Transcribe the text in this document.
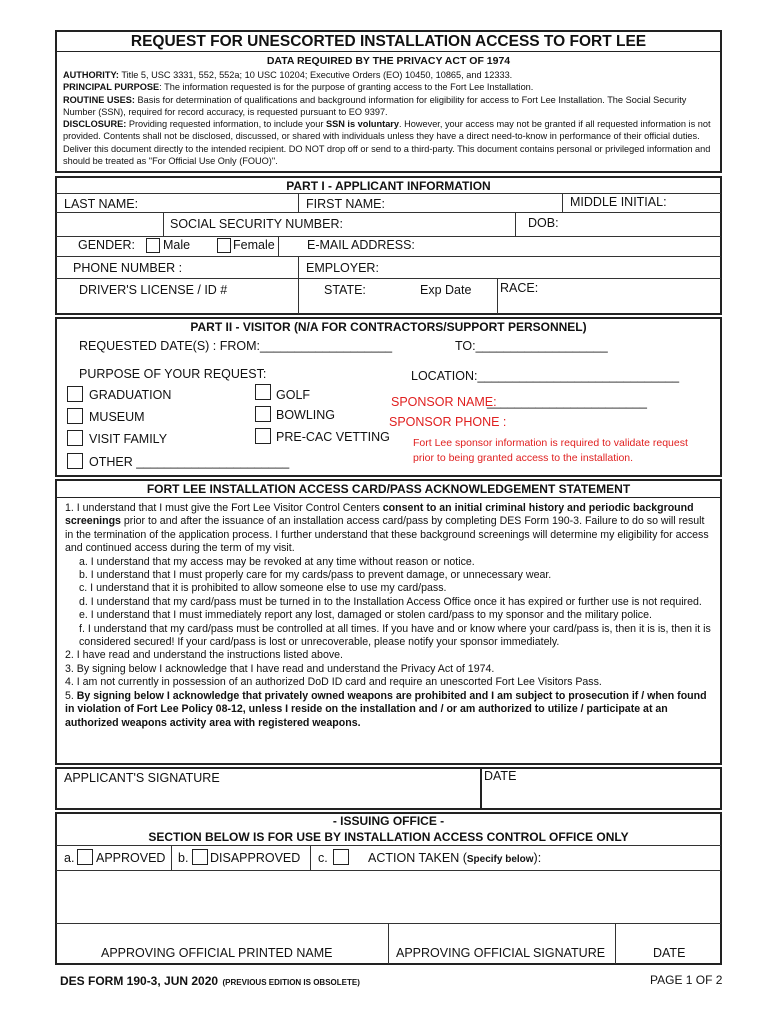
REQUEST FOR UNESCORTED INSTALLATION ACCESS TO FORT LEE
DATA REQUIRED BY THE PRIVACY ACT OF 1974
AUTHORITY: Title 5, USC 3331, 552, 552a; 10 USC 10204; Executive Orders (EO) 10450, 10865, and 12333.
PRINCIPAL PURPOSE: The information requested is for the purpose of granting access to the Fort Lee Installation.
ROUTINE USES: Basis for determination of qualifications and background information for eligibility for access to Fort Lee Installation. The Social Security Number (SSN), required for record accuracy, is requested pursuant to EO 9397.
DISCLOSURE: Providing requested information, to include your SSN is voluntary. However, your access may not be granted if all requested information is not provided. Contents shall not be disclosed, discussed, or shared with individuals unless they have a direct need-to-know in performance of their official duties. Deliver this document directly to the intended recipient. DO NOT drop off or send to a third-party. This document contains personal or privileged information and should be treated as "For Official Use Only (FOUO)".
PART I - APPLICANT INFORMATION
LAST NAME:	FIRST NAME:	MIDDLE INITIAL:
SOCIAL SECURITY NUMBER:	DOB:
GENDER: Male	Female	E-MAIL ADDRESS:
PHONE NUMBER :	EMPLOYER:
DRIVER'S LICENSE / ID #	STATE:	Exp Date RACE:
PART II - VISITOR (N/A FOR CONTRACTORS/SUPPORT PERSONNEL)
REQUESTED DATE(S) : FROM:___________________	TO:___________________
PURPOSE OF YOUR REQUEST:	LOCATION:_____________________________
GRADUATION	GOLF	SPONSOR NAME:
_______________________
MUSEUM	BOWLING	SPONSOR PHONE :
VISIT FAMILY	PRE-CAC VETTING Fort Lee sponsor information is required to validate request
prior to being granted access to the installation.
OTHER ______________________
FORT LEE INSTALLATION ACCESS CARD/PASS ACKNOWLEDGEMENT STATEMENT

1. I understand that I must give the Fort Lee Visitor Control Centers consent to an initial criminal history and periodic background screenings prior to and after the issuance of an installation access card/pass by completing DES Form 190-3. Failure to do so will result in the termination of the application process. I further understand that these background screenings will determine my eligibility for access and continued access during the term of my visit.

a. I understand that my access may be revoked at any time without reason or notice.

b. I understand that I must properly care for my cards/pass to prevent damage, or unnecessary wear.

c. I understand that it is prohibited to allow someone else to use my card/pass.

d. I understand that my card/pass must be turned in to the Installation Access Office once it has expired or further use is not required.

e. I understand that I must immediately report any lost, damaged or stolen card/pass to my sponsor and the military police.

f. I understand that my card/pass must be controlled at all times. If you have and or know where your card/pass is, then it is is, then it is considered secured! If your card/pass is lost or unrecoverable, please notify your sponsor immediately.

2. I have read and understand the instructions listed above.

3. By signing below I acknowledge that I have read and understand the Privacy Act of 1974.

4. I am not currently in possession of an authorized DoD ID card and require an unescorted Fort Lee Visitors Pass.

5. By signing below I acknowledge that privately owned weapons are prohibited and I am subject to prosecution if / when found in violation of Fort Lee Policy 08-12, unless I reside on the installation and / or am authorized to utilize / participate at an authorized weapons activity area with registered weapons.

APPLICANT'S SIGNATURE	DATE
- ISSUING OFFICE -
SECTION BELOW IS FOR USE BY INSTALLATION ACCESS CONTROL OFFICE ONLY
a. APPROVED b. DISAPPROVED c.	ACTION TAKEN (Specify below):
APPROVING OFFICIAL PRINTED NAME	APPROVING OFFICIAL SIGNATURE	DATE
DES FORM 190-3, JUN 2020 (PREVIOUS EDITION IS OBSOLETE)	PAGE 1 OF 2
